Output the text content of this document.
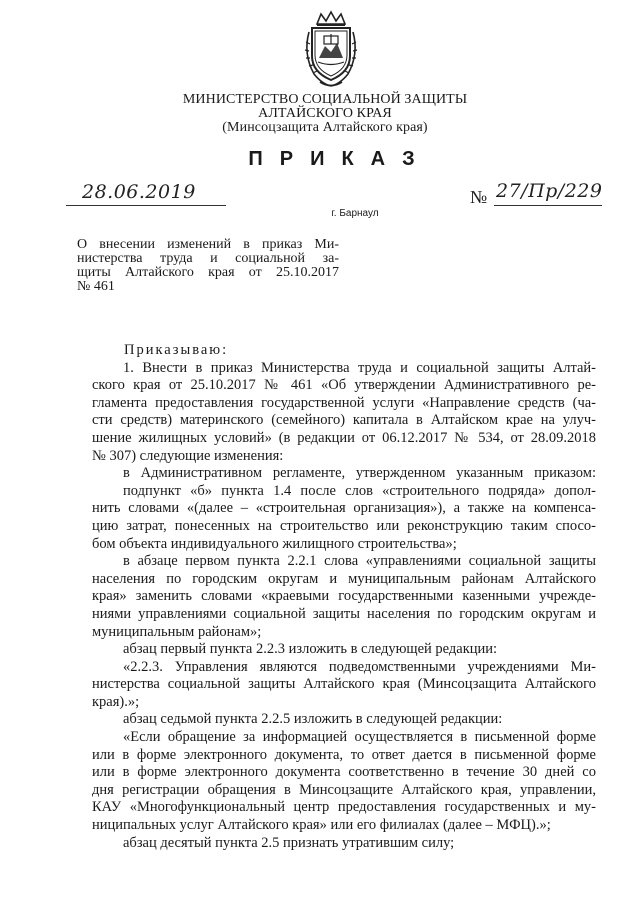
МИНИСТЕРСТВО СОЦИАЛЬНОЙ ЗАЩИТЫ
АЛТАЙСКОГО КРАЯ
(Минсоцзащита Алтайского края)
ПРИКАЗ
28.06.2019	№ 27/Пр/229
г. Барнаул
О внесении изменений в приказ Ми-
нистерства труда и социальной за-
щиты Алтайского края от 25.10.2017
№ 461
Приказываю:
1. Внести в приказ Министерства труда и социальной защиты Алтай-
ского края от 25.10.2017 № 461 «Об утверждении Административного ре-
гламента предоставления государственной услуги «Направление средств (ча-
сти средств) материнского (семейного) капитала в Алтайском крае на улуч-
шение жилищных условий» (в редакции от 06.12.2017 № 534, от 28.09.2018
№ 307) следующие изменения:
в Административном регламенте, утвержденном указанным приказом:
подпункт «б» пункта 1.4 после слов «строительного подряда» допол-
нить словами «(далее – «строительная организация»), а также на компенса-
цию затрат, понесенных на строительство или реконструкцию таким спосо-
бом объекта индивидуального жилищного строительства»;
в абзаце первом пункта 2.2.1 слова «управлениями социальной защиты
населения по городским округам и муниципальным районам Алтайского
края» заменить словами «краевыми государственными казенными учрежде-
ниями управлениями социальной защиты населения по городским округам и
муниципальным районам»;
абзац первый пункта 2.2.3 изложить в следующей редакции:
«2.2.3. Управления являются подведомственными учреждениями Ми-
нистерства социальной защиты Алтайского края (Минсоцзащита Алтайского
края).»;
абзац седьмой пункта 2.2.5 изложить в следующей редакции:
«Если обращение за информацией осуществляется в письменной форме
или в форме электронного документа, то ответ дается в письменной форме
или в форме электронного документа соответственно в течение 30 дней со
дня регистрации обращения в Минсоцзащите Алтайского края, управлении,
КАУ «Многофункциональный центр предоставления государственных и му-
ниципальных услуг Алтайского края» или его филиалах (далее – МФЦ).»;
абзац десятый пункта 2.5 признать утратившим силу;
